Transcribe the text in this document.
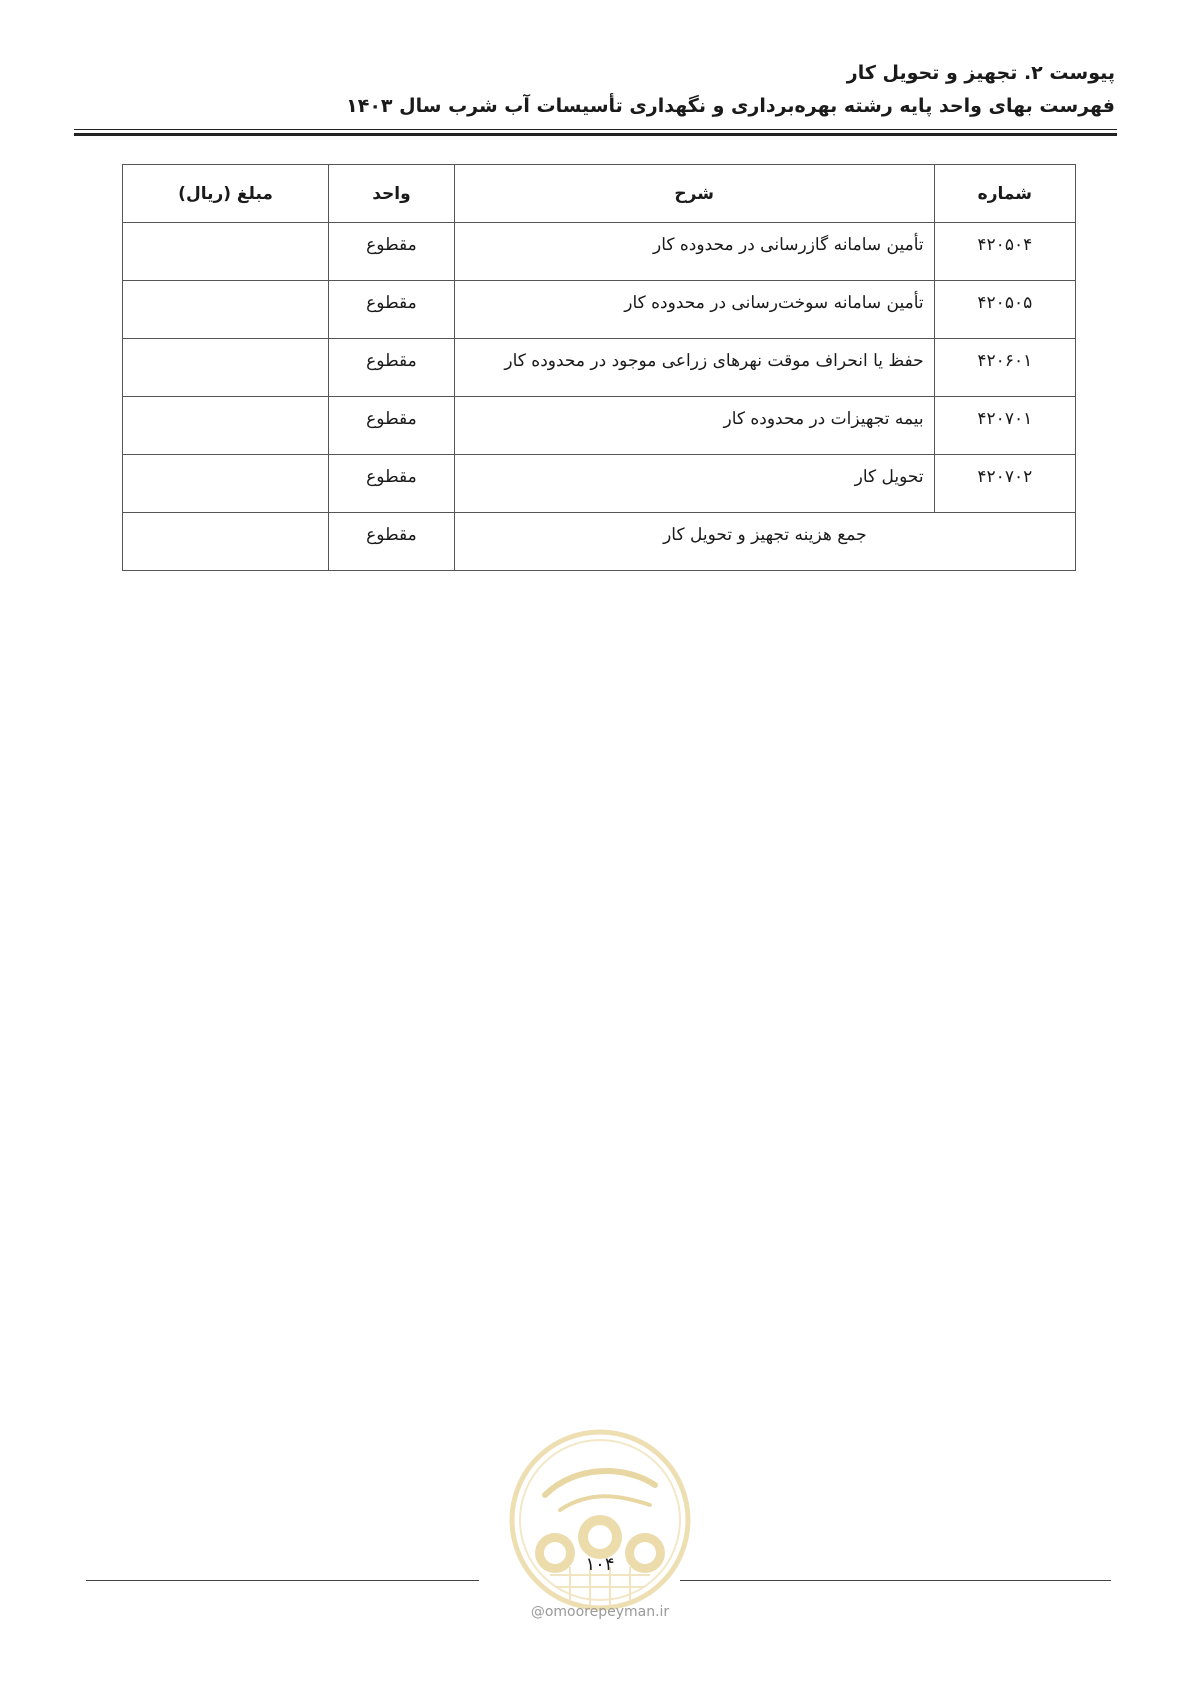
پیوست ۲. تجهیز و تحویل کار
فهرست بهای واحد پایه رشته بهره‌برداری و نگهداری تأسیسات آب شرب سال ۱۴۰۳
شماره	شرح	واحد	مبلغ (ریال)
۴۲۰۵۰۴	تأمین سامانه گازرسانی در محدوده کار	مقطوع	
۴۲۰۵۰۵	تأمین سامانه سوخت‌رسانی در محدوده کار	مقطوع	
۴۲۰۶۰۱	حفظ یا انحراف موقت نهرهای زراعی موجود در محدوده کار	مقطوع	
۴۲۰۷۰۱	بیمه تجهیزات در محدوده کار	مقطوع	
۴۲۰۷۰۲	تحویل کار	مقطوع	
جمع هزینه تجهیز و تحویل کار		مقطوع	
۱۰۴
@omoorepeyman.ir
